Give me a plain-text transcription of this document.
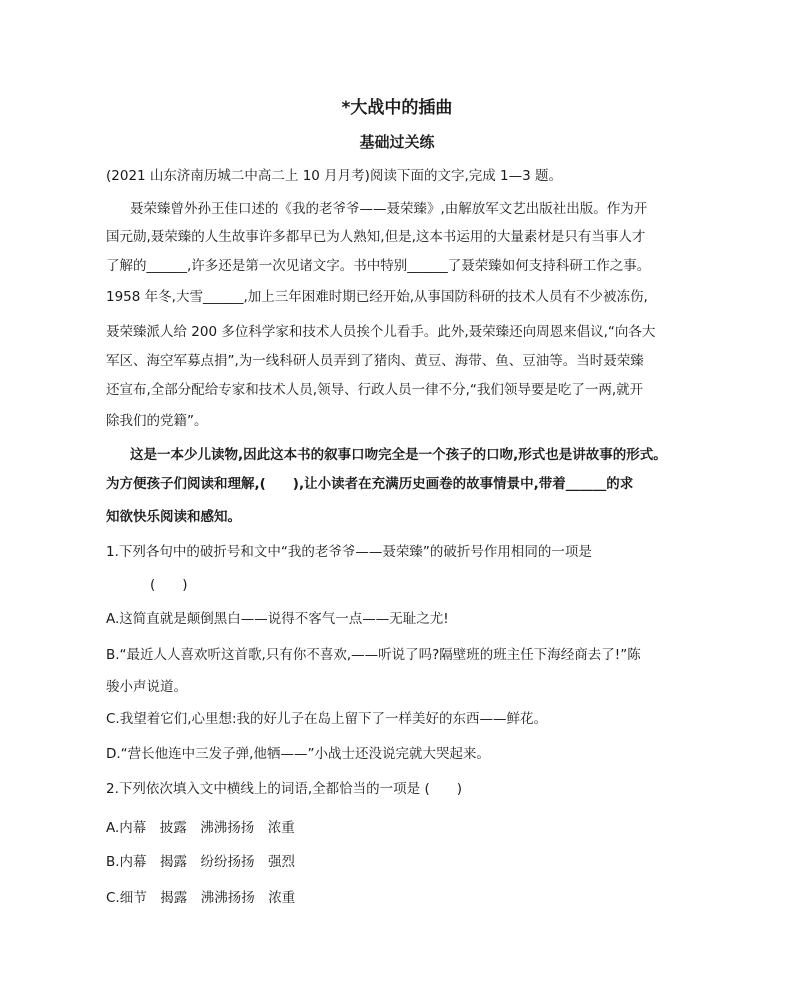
*大战中的插曲
基础过关练
(2021 山东济南历城二中高二上 10 月月考)阅读下面的文字,完成 1—3 题。
聂荣臻曾外孙王佳口述的《我的老爷爷——聂荣臻》,由解放军文艺出版社出版。作为开
国元勋,聂荣臻的人生故事许多都早已为人熟知,但是,这本书运用的大量素材是只有当事人才
了解的______,许多还是第一次见诸文字。书中特别______了聂荣臻如何支持科研工作之事。
1958 年冬,大雪______,加上三年困难时期已经开始,从事国防科研的技术人员有不少被冻伤,
聂荣臻派人给 200 多位科学家和技术人员挨个儿看手。此外,聂荣臻还向周恩来倡议,“向各大
军区、海空军募点捐”,为一线科研人员弄到了猪肉、黄豆、海带、鱼、豆油等。当时聂荣臻
还宣布,全部分配给专家和技术人员,领导、行政人员一律不分,“我们领导要是吃了一两,就开
除我们的党籍”。
这是一本少儿读物,因此这本书的叙事口吻完全是一个孩子的口吻,形式也是讲故事的形式。
为方便孩子们阅读和理解,(　　),让小读者在充满历史画卷的故事情景中,带着______的求
知欲快乐阅读和感知。
1.下列各句中的破折号和文中“我的老爷爷——聂荣臻”的破折号作用相同的一项是
(　　)
A.这简直就是颠倒黑白——说得不客气一点——无耻之尤!
B.“最近人人喜欢听这首歌,只有你不喜欢,——听说了吗?隔壁班的班主任下海经商去了!”陈
骏小声说道。
C.我望着它们,心里想:我的好儿子在岛上留下了一样美好的东西——鲜花。
D.“营长他连中三发子弹,他牺——”小战士还没说完就大哭起来。
2.下列依次填入文中横线上的词语,全都恰当的一项是 (　　)
A.内幕　披露　沸沸扬扬　浓重
B.内幕　揭露　纷纷扬扬　强烈
C.细节　揭露　沸沸扬扬　浓重
